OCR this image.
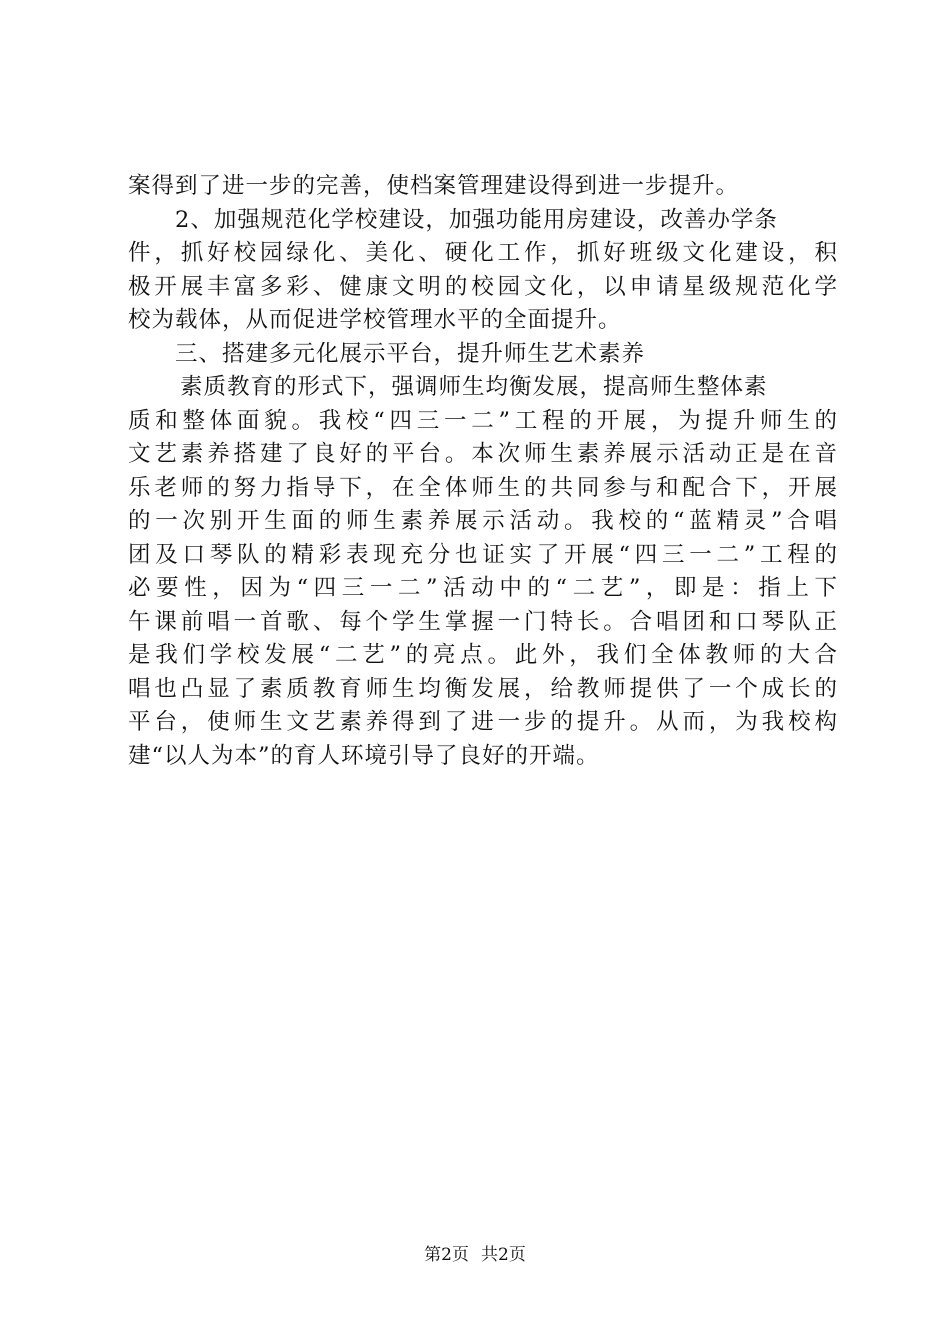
案得到了进一步的完善，使档案管理建设得到进一步提升。
2、加强规范化学校建设，加强功能用房建设，改善办学条
件，抓好校园绿化、美化、硬化工作，抓好班级文化建设，积
极开展丰富多彩、健康文明的校园文化，以申请星级规范化学
校为载体，从而促进学校管理水平的全面提升。
三、搭建多元化展示平台，提升师生艺术素养
素质教育的形式下，强调师生均衡发展，提高师生整体素
质和整体面貌。我校“四三一二”工程的开展，为提升师生的
文艺素养搭建了良好的平台。本次师生素养展示活动正是在音
乐老师的努力指导下，在全体师生的共同参与和配合下，开展
的一次别开生面的师生素养展示活动。我校的“蓝精灵”合唱
团及口琴队的精彩表现充分也证实了开展“四三一二”工程的
必要性，因为“四三一二”活动中的“二艺”，即是：指上下
午课前唱一首歌、每个学生掌握一门特长。合唱团和口琴队正
是我们学校发展“二艺”的亮点。此外，我们全体教师的大合
唱也凸显了素质教育师生均衡发展，给教师提供了一个成长的
平台，使师生文艺素养得到了进一步的提升。从而，为我校构
建“以人为本”的育人环境引导了良好的开端。
第2页 共2页
